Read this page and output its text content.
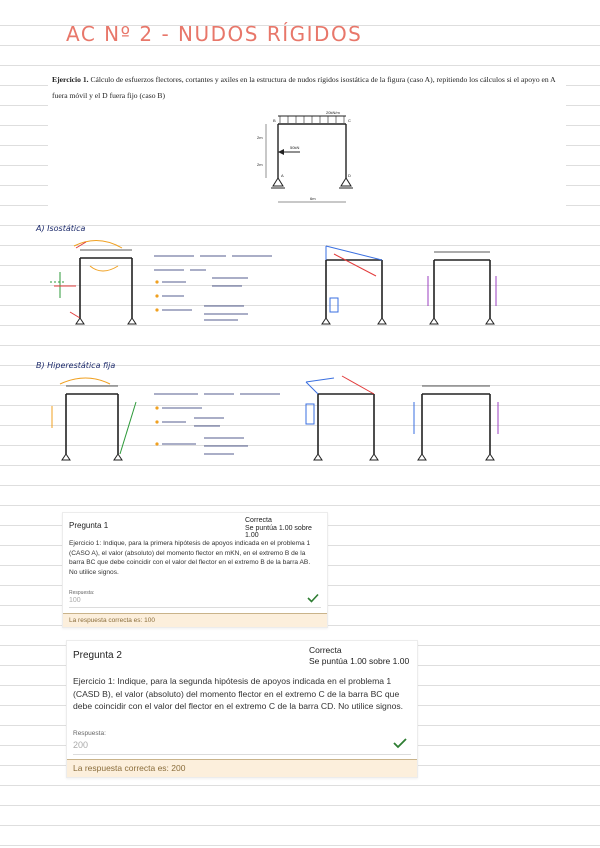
AC Nº 2 - NUDOS RÍGIDOS

Ejercicio 1. Cálculo de esfuerzos flectores, cortantes y axiles en la estructura de nudos rígidos isostática de la figura (caso A), repitiendo los cálculos si el apoyo en A fuera móvil y el D fuera fijo (caso B)

20kN/m
50kN
2m
2m
6m
A
B	C
D
A) Isostática

B) Hiperestática fija
Pregunta 1
Correcta
Se puntúa 1.00 sobre 1.00

Ejercicio 1: Indique, para la primera hipótesis de apoyos indicada en el problema 1 (CASO A), el valor (absoluto) del momento flector en mKN, en el extremo B de la barra BC que debe coincidir con el valor del flector en el extremo B de la barra AB. No utilice signos.

Respuesta:
100
La respuesta correcta es: 100
Pregunta 2	Correcta
Se puntúa 1.00 sobre 1.00

Ejercicio 1: Indique, para la segunda hipótesis de apoyos indicada en el problema 1 (CASD B), el valor (absoluto) del momento flector en el extremo C de la barra BC que debe coincidir con el valor del flector en el extremo C de la barra CD. No utilice signos.

Respuesta:
200
La respuesta correcta es: 200
